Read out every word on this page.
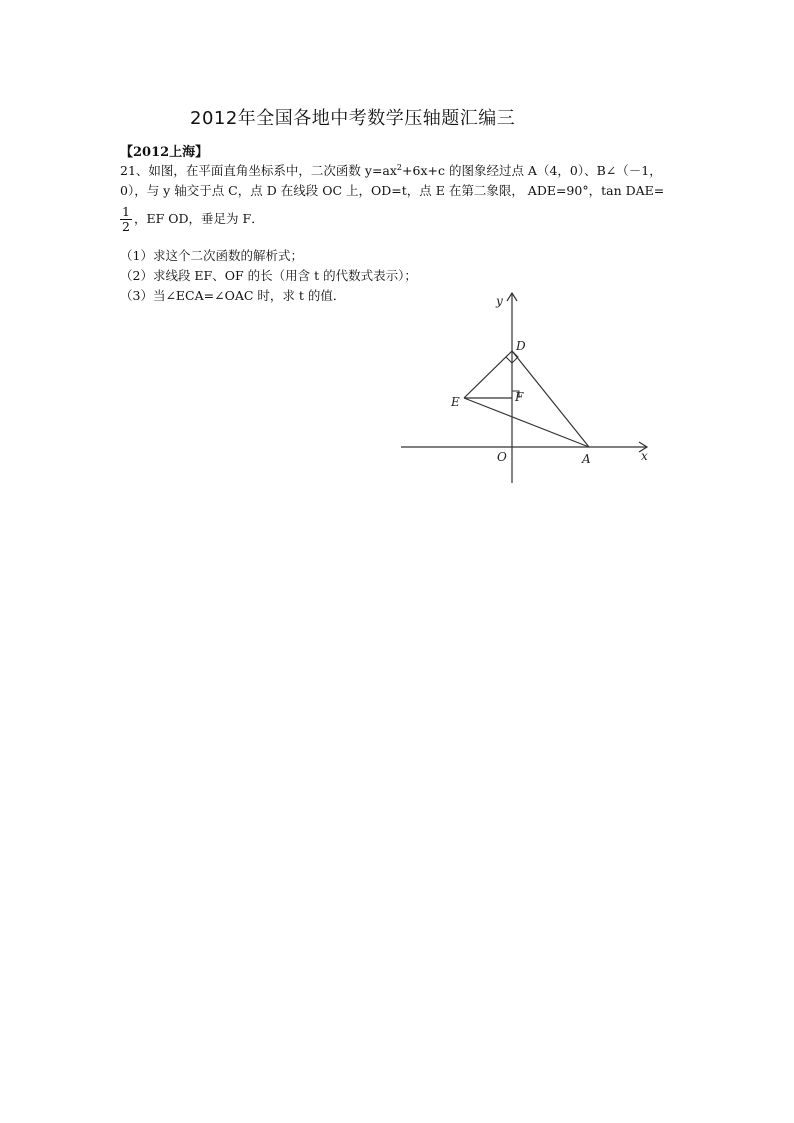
2012年全国各地中考数学压轴题汇编三
【2012上海】
21、如图，在平面直角坐标系中，二次函数 $y=ax^2+6x+c$ 的图象经过点 A（4，0）、B∠（－1，
0），与 y 轴交于点 C，点 D 在线段 OC 上，OD=t，点 E 在第二象限， ADE=90°，tan DAE=
$\frac{1}{2}$ ，EF OD，垂足为 F．
（1）求这个二次函数的解析式；
（2）求线段 EF、OF 的长（用含 t 的代数式表示）；
（3）当∠ECA=∠OAC 时，求 t 的值．	y
x
O	A
D
E	F
